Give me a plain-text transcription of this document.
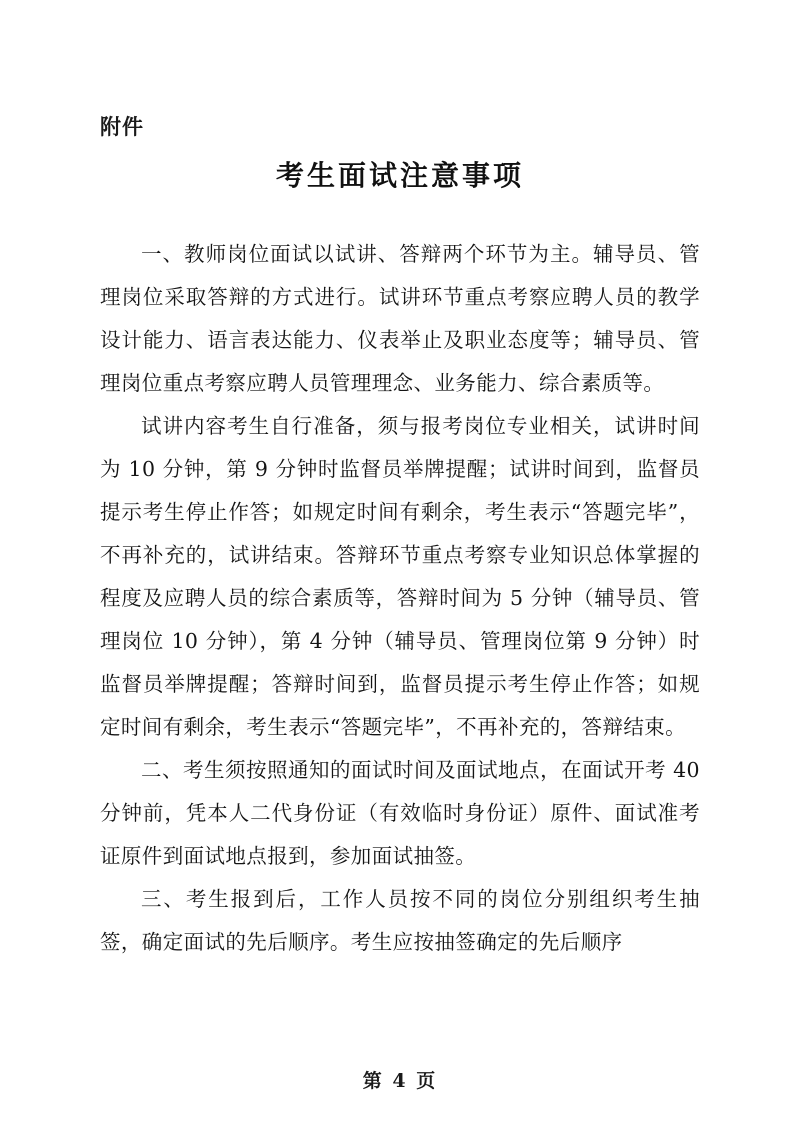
附件
考生面试注意事项

一、教师岗位面试以试讲、答辩两个环节为主。辅导员、管理岗位采取答辩的方式进行。试讲环节重点考察应聘人员的教学设计能力、语言表达能力、仪表举止及职业态度等；辅导员、管理岗位重点考察应聘人员管理理念、业务能力、综合素质等。

试讲内容考生自行准备，须与报考岗位专业相关，试讲时间为 10 分钟，第 9 分钟时监督员举牌提醒；试讲时间到，监督员提示考生停止作答；如规定时间有剩余，考生表示“答题完毕”，不再补充的，试讲结束。答辩环节重点考察专业知识总体掌握的程度及应聘人员的综合素质等，答辩时间为 5 分钟（辅导员、管理岗位 10 分钟），第 4 分钟（辅导员、管理岗位第 9 分钟）时监督员举牌提醒；答辩时间到，监督员提示考生停止作答；如规定时间有剩余，考生表示“答题完毕”，不再补充的，答辩结束。

二、考生须按照通知的面试时间及面试地点，在面试开考 40 分钟前，凭本人二代身份证（有效临时身份证）原件、面试准考证原件到面试地点报到，参加面试抽签。

三、考生报到后，工作人员按不同的岗位分别组织考生抽签，确定面试的先后顺序。考生应按抽签确定的先后顺序

第 4 页
